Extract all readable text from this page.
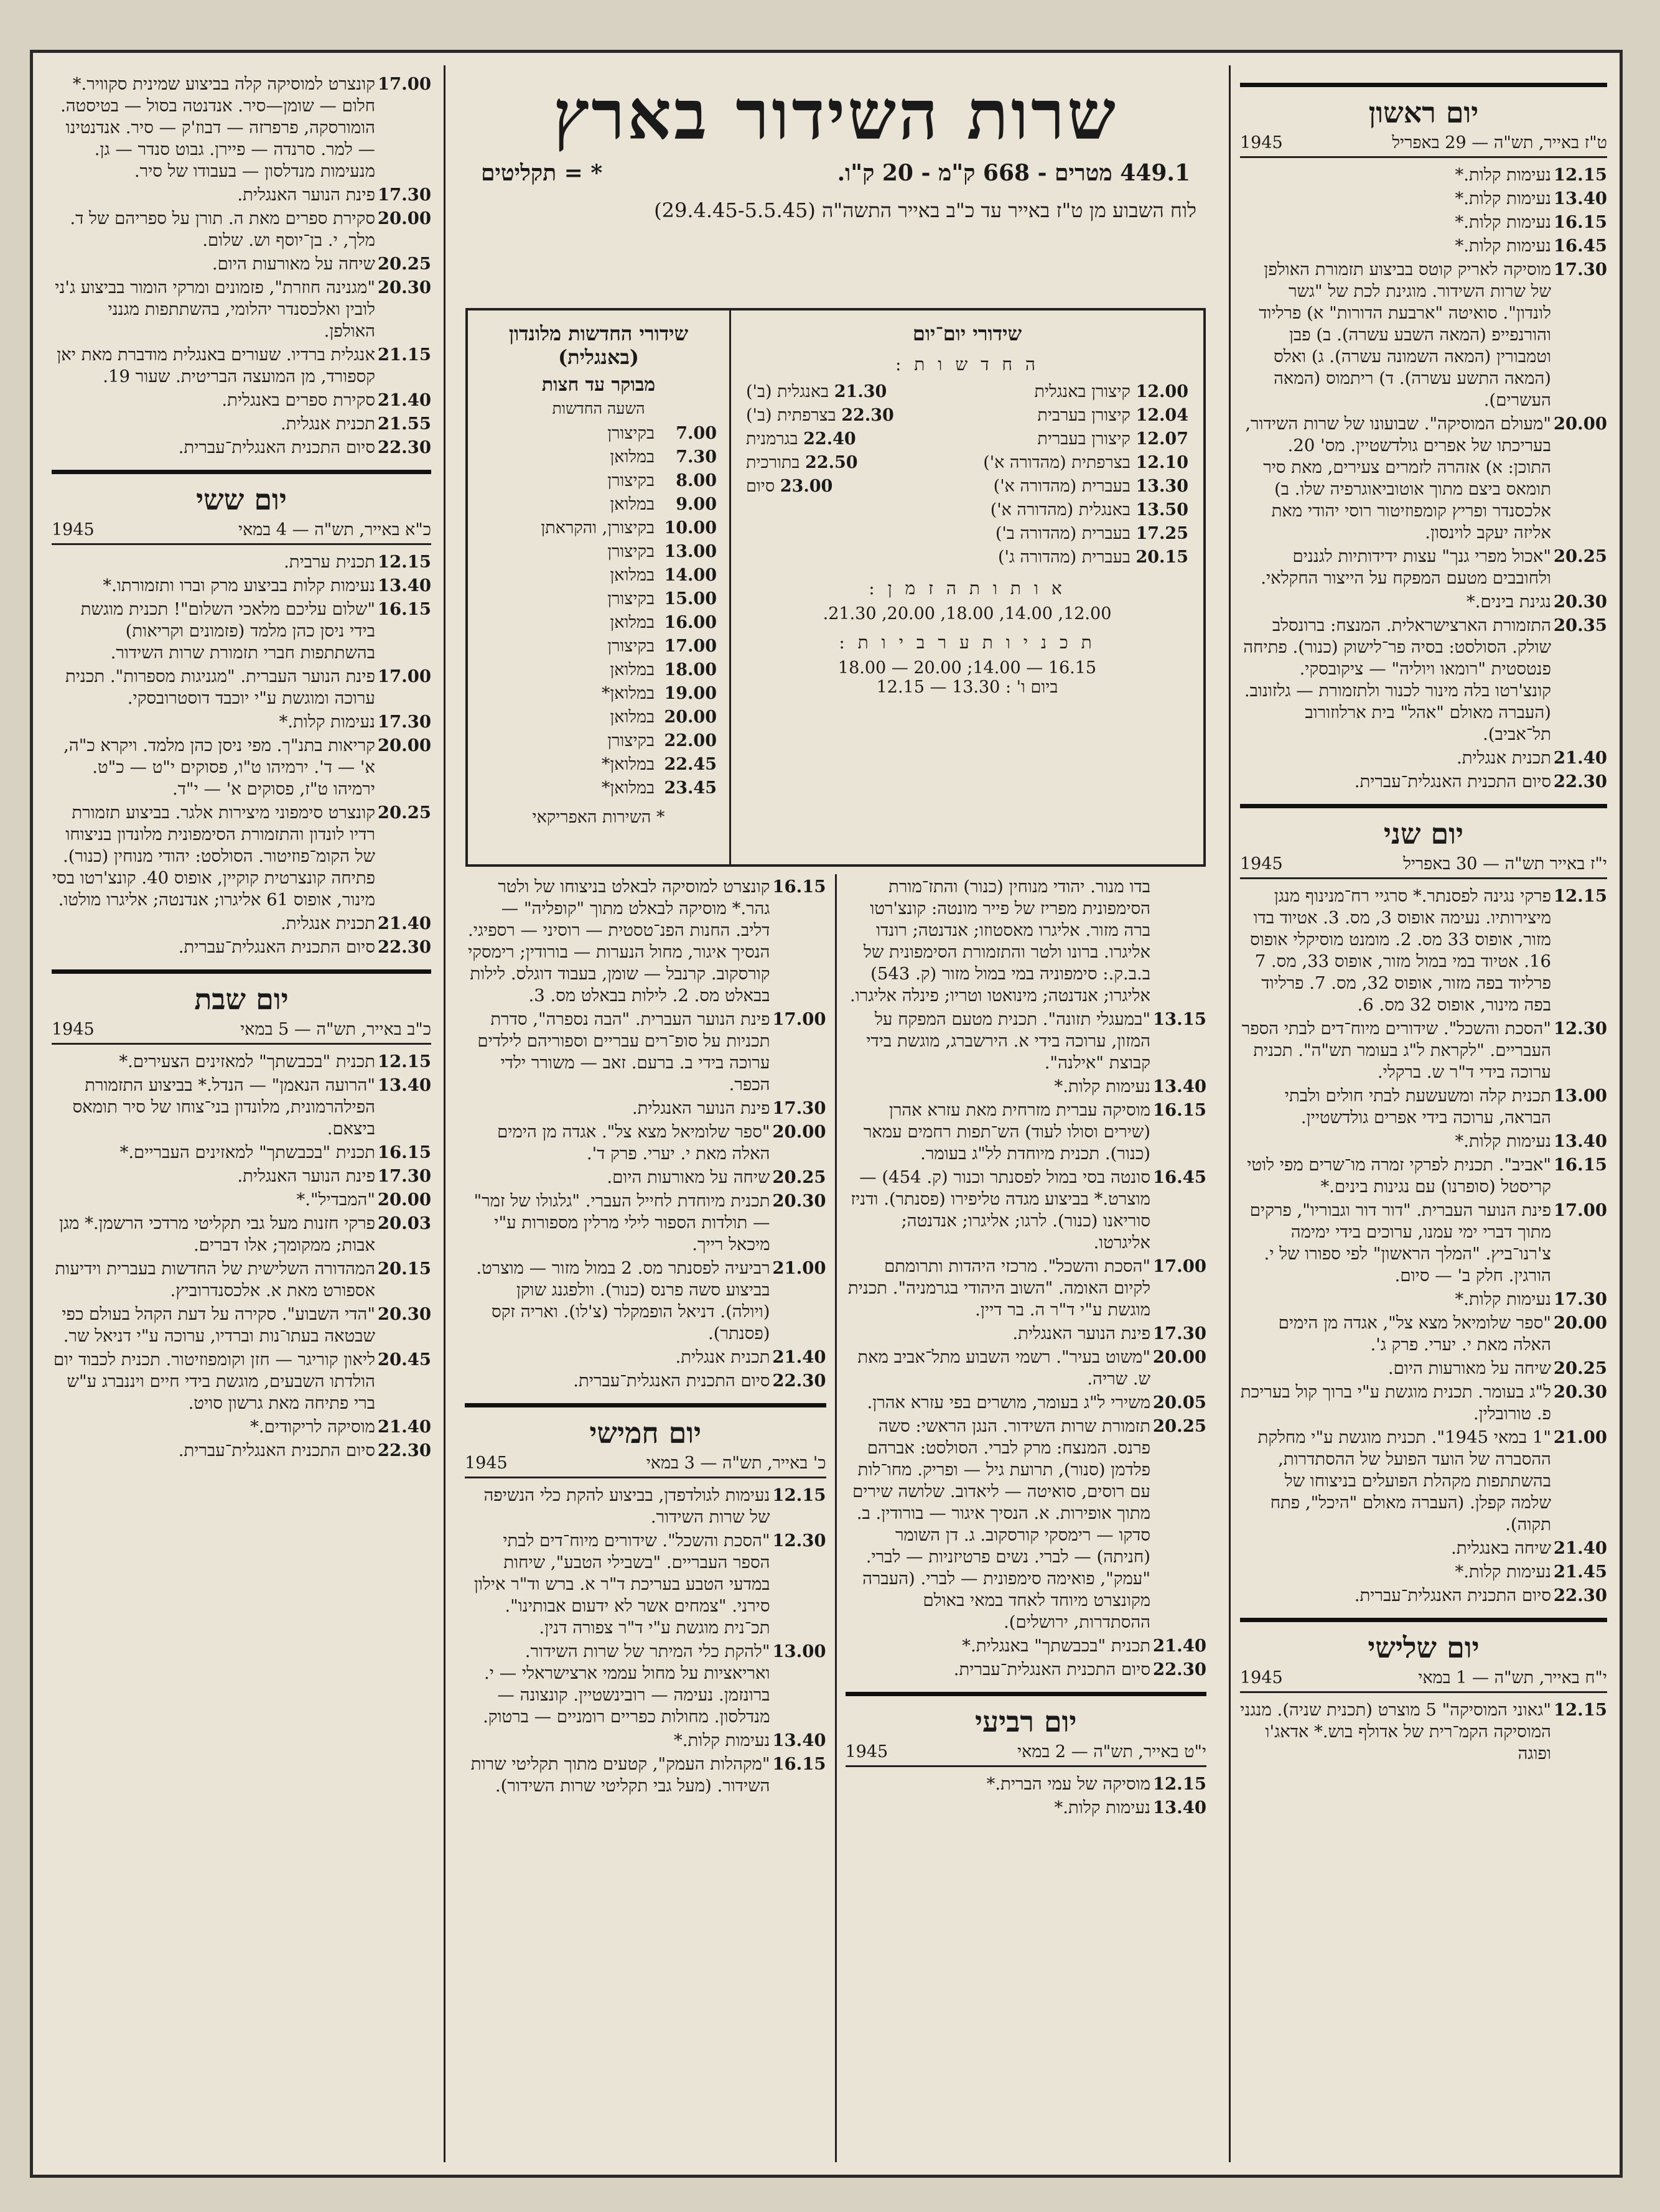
יום ראשון
ט"ז באייר, תש"ה — 29 באפריל
1945
12.15
נעימות קלות.*
13.40
נעימות קלות.*
16.15
נעימות קלות.*
16.45
נעימות קלות.*
17.30
מוסיקה לאריק קוטס בביצוע תזמורת האולפן של שרות השידור. מוגינת לכת של "גשר לונדון". סואיטה "ארבעת הדורות" א) פרליוד והורנפייפ (המאה השבע עשרה). ב) פבן וטמבורין (המאה השמונה עשרה). ג) ואלס (המאה התשע עשרה). ד) ריתמוס (המאה העשרים).
20.00
"מעולם המוסיקה". שבועונו של שרות השידור, בעריכתו של אפרים גולדשטיין. מס' 20. התוכן: א) אזהרה לזמרים צעירים, מאת סיר תומאס ביצם מתוך אוטוביאוגרפיה שלו. ב) אלכסנדר ופריץ קומפוזיטור רוסי יהודי מאת אליזה יעקב לוינסון.
20.25
"אכול מפרי גנך" עצות ידידותיות לגננים ולחובבים מטעם המפקח על הייצור החקלאי.
20.30
נגינת בינים.*
20.35
התזמורת הארצישראלית. המנצח: ברונסלב שולק. הסולסט: בסיה פר־לישוק (כנור). פתיחה פנטסטית "רומאו ויוליה" — ציקובסקי. קונצ'רטו בלה מינור לכנור ולתזמורת — גלזונוב. (העברה מאולם "אהל" בית ארלוזורוב תל־אביב).
21.40
תכנית אנגלית.
22.30
סיום התכנית האנגלית־עברית.
יום שני
י"ז באייר תש"ה — 30 באפריל
1945
12.15
פרקי נגינה לפסנתר.* סרגיי רח־מנינוף מנגן מיצירותיו. נעימה אופוס 3, מס. 3. אטיוד בדו מזור, אופוס 33 מס. 2. מומנט מוסיקלי אופוס 16. אטיוד במי במול מזור, אופוס 33, מס. 7 פרליוד בפה מזור, אופוס 32, מס. 7. פרליוד בפה מינור, אופוס 32 מס. 6.
12.30
"הסכת והשכל". שידורים מיוח־דים לבתי הספר העבריים. "לקראת ל"ג בעומר תש"ה". תכנית ערוכה בידי ד"ר ש. ברקלי.
13.00
תכנית קלה ומשעשעת לבתי חולים ולבתי הבראה, ערוכה בידי אפרים גולדשטיין.
13.40
נעימות קלות.*
16.15
"אביב". תכנית לפרקי זמרה מו־שרים מפי לוטי קריסטל (סופרנו) עם נגינות בינים.*
17.00
פינת הנוער העברית. "דור דור וגבוריו", פרקים מתוך דברי ימי עמנו, ערוכים בידי ימימה צ'רנו־ביץ. "המלך הראשון" לפי ספורו של י. הורגין. חלק ב' — סיום.
17.30
נעימות קלות.*
20.00
"ספר שלומיאל מצא צל", אגדה מן הימים האלה מאת י. יערי. פרק ג'.
20.25
שיחה על מאורעות היום.
20.30
ל"ג בעומר. תכנית מוגשת ע"י ברוך קול בעריכת פ. טורובלין.
21.00
"1 במאי 1945". תכנית מוגשת ע"י מחלקת ההסברה של הועד הפועל של ההסתדרות, בהשתתפות מקהלת הפועלים בניצוחו של שלמה קפלן. (העברה מאולם "היכל", פתח תקוה).
21.40
שיחה באנגלית.
21.45
נעימות קלות.*
22.30
סיום התכנית האנגלית־עברית.
יום שלישי
י"ח באייר, תש"ה — 1 במאי
1945
12.15
"גאוני המוסיקה" 5 מוצרט (תכנית שניה). מנגני המוסיקה הקמ־רית של אדולף בוש.* אדאג'ו ופוגה
שרות השידור בארץ
449.1 מטרים - 668 ק"מ - 20 ק"ו.
* = תקליטים
לוח השבוע מן ט"ז באייר עד כ"ב באייר התשה"ה (29.4.45-5.5.45)
שידורי יום־יום
ה ח ד ש ו ת :
12.00 קיצורן באנגלית
21.30 באנגלית (ב')
12.04 קיצורן בערבית
22.30 בצרפתית (ב')
12.07 קיצורן בעברית
22.40 בגרמנית
12.10 בצרפתית (מהדורה א')
22.50 בתורכית
13.30 בעברית (מהדורה א')
23.00 סיום
13.50 באנגלית (מהדורה א')
17.25 בעברית (מהדורה ב')
20.15 בעברית (מהדורה ג')
א ו ת ו ת ה ז מ ן :
12.00, 14.00, 18.00, 20.00, 21.30.
ת כ נ י ו ת ע ר ב י ו ת :
16.15 — 14.00; 20.00 — 18.00
ביום ו' : 13.30 — 12.15
שידורי החדשות מלונדון (באנגלית)
מבוקר עד חצות
השעה החדשות
7.00
בקיצורן
7.30
במלואן
8.00
בקיצורן
9.00
במלואן
10.00
בקיצורן, והקראתן
13.00
בקיצורן
14.00
במלואן
15.00
בקיצורן
16.00
במלואן
17.00
בקיצורן
18.00
במלואן
19.00
במלואן*
20.00
במלואן
22.00
בקיצורן
22.45
במלואן*
23.45
במלואן*
* השירות האפריקאי
בדו מנור. יהודי מנוחין (כנור) והתז־מורת הסימפונית מפריז של פייר מונטה: קונצ'רטו ברה מזור. אליגרו מאסטוזו; אנדנטה; רונדו אליגרו. ברונו ולטר והתזמורת הסימפונית של ב.ב.ק.: סימפוניה במי במול מזור (ק. 543) אליגרו; אנדנטה; מינואטו וטריו; פינלה אליגרו.
13.15
"במעגלי תזונה". תכנית מטעם המפקח על המזון, ערוכה בידי א. הירשברג, מוגשת בידי קבוצת "אילנה".
13.40
נעימות קלות.*
16.15
מוסיקה עברית מזרחית מאת עזרא אהרן (שירים וסולו לעוד) הש־תפות רחמים עמאר (כנור). תכנית מיוחדת לל"ג בעומר.
16.45
סונטה בסי במול לפסנתר וכנור (ק. 454) — מוצרט.* בביצוע מגדה טליפירו (פסנתר). ודניז סוריאנו (כנור). לרגו; אליגרו; אנדנטה; אליגרטו.
17.00
"הסכת והשכל". מרכזי היהדות ותרומתם לקיום האומה. "השוב היהודי בגרמניה". תכנית מוגשת ע"י ד"ר ה. בר דיין.
17.30
פינת הנוער האנגלית.
20.00
"משוט בעיר". רשמי השבוע מתל־אביב מאת ש. שריה.
20.05
משירי ל"ג בעומר, מושרים בפי עזרא אהרן.
20.25
תזמורת שרות השידור. הנגן הראשי: סשה פרנס. המנצח: מרק לברי. הסולסט: אברהם פלדמן (סנור), תרועת גיל — ופריק. מחו־לות עם רוסים, סואיטה — ליאדוב. שלושה שירים מתוך אופירות. א. הנסיך איגור — בורודין. ב. סדקו — רימסקי קורסקוב. ג. דן השומר (חניתה) — לברי. נשים פרטיזניות — לברי. "עמק", פואימה סימפונית — לברי. (העברה מקונצרט מיוחד לאחד במאי באולם ההסתדרות, ירושלים).
21.40
תכנית "בכבשתך" באנגלית.*
22.30
סיום התכנית האנגלית־עברית.
יום רביעי
י"ט באייר, תש"ה — 2 במאי
1945
12.15
מוסיקה של עמי הברית.*
13.40
נעימות קלות.*
16.15
קונצרט למוסיקה לבאלט בניצוחו של ולטר גהר.* מוסיקה לבאלט מתוך "קופליה" — דליב. החנות הפנ־טסטית — רוסיני — רספיגי. הנסיך איגור, מחול הנערות — בורודין; רימסקי קורסקוב. קרנבל — שומן, בעבוד דוגלס. לילות בבאלט מס. 2. לילות בבאלט מס. 3.
17.00
פינת הנוער העברית. "הבה נספרה", סדרת תכניות על סופ־רים עבריים וספוריהם לילדים ערוכה בידי ב. ברעם. זאב — משורר ילדי הכפר.
17.30
פינת הנוער האנגלית.
20.00
"ספר שלומיאל מצא צל". אגדה מן הימים האלה מאת י. יערי. פרק ד'.
20.25
שיחה על מאורעות היום.
20.30
תכנית מיוחדת לחייל העברי. "גלגולו של זמר" — תולדות הספור לילי מרלין מספורות ע"י מיכאל רייך.
21.00
רביעיה לפסנתר מס. 2 במול מזור — מוצרט. בביצוע סשה פרנס (כנור). וולפגנג שוקן (ויולה). דניאל הופמקלר (צ'לו). ואריה זקס (פסנתר).
21.40
תכנית אנגלית.
22.30
סיום התכנית האנגלית־עברית.
יום חמישי
כ' באייר, תש"ה — 3 במאי
1945
12.15
נעימות לגולדפדן, בביצוע להקת כלי הנשיפה של שרות השידור.
12.30
"הסכת והשכל". שידורים מיוח־דים לבתי הספר העבריים. "בשבילי הטבע", שיחות במדעי הטבע בעריכת ד"ר א. ברש וד"ר אילון סירני. "צמחים אשר לא ידעום אבותינו". תכ־נית מוגשת ע"י ד"ר צפורה דנין.
13.00
"להקת כלי המיתר של שרות השידור. ואריאציות על מחול עממי ארצישראלי — י. ברונזמן. נעימה — רובינשטיין. קונצונה — מנדלסון. מחולות כפריים רומניים — ברטוק.
13.40
נעימות קלות.*
16.15
"מקהלות העמק", קטעים מתוך תקליטי שרות השידור. (מעל גבי תקליטי שרות השידור).
17.00
קונצרט למוסיקה קלה בביצוע שמינית סקוויר.* חלום — שומן—סיר. אנדנטה בסול — בטיסטה. הומורסקה, פרפרזה — דבוז'ק — סיר. אנדנטינו — למר. סרנדה — פיירן. גבוט סנדר — גן. מנעימות מנדלסון — בעבודו של סיר.
17.30
פינת הנוער האנגלית.
20.00
סקירת ספרים מאת ה. תורן על ספריהם של ד. מלך, י. בן־יוסף וש. שלום.
20.25
שיחה על מאורעות היום.
20.30
"מגנינה חוזרת", פזמונים ומרקי הומור בביצוע ג'ני לובין ואלכסנדר יהלומי, בהשתתפות מגנני האולפן.
21.15
אנגלית ברדיו. שעורים באנגלית מודברת מאת יאן קספורד, מן המועצה הבריטית. שעור 19.
21.40
סקירת ספרים באנגלית.
21.55
תכנית אנגלית.
22.30
סיום התכנית האנגלית־עברית.
יום ששי
כ"א באייר, תש"ה — 4 במאי
1945
12.15
תכנית ערבית.
13.40
נעימות קלות בביצוע מרק וברו ותזמורתו.*
16.15
"שלום עליכם מלאכי השלום"! תכנית מוגשת בידי ניסן כהן מלמד (פזמונים וקריאות) בהשתתפות חברי תזמורת שרות השידור.
17.00
פינת הנוער העברית. "מגניגות מספרות". תכנית ערוכה ומוגשת ע"י יוכבד דוסטרובסקי.
17.30
נעימות קלות.*
20.00
קריאות בתנ"ך. מפי ניסן כהן מלמד. ויקרא כ"ה, א' — ד'. ירמיהו ט"ו, פסוקים י"ט — כ"ט. ירמיהו ט"ז, פסוקים א' — י"ד.
20.25
קונצרט סימפוני מיצירות אלגר. בביצוע תזמורת רדיו לונדון והתזמורת הסימפונית מלונדון בניצוחו של הקומ־פוזיטור. הסולסט: יהודי מנוחין (כנור). פתיחה קונצרטית קוקיין, אופוס 40. קונצ'רטו בסי מינור, אופוס 61 אליגרו; אנדנטה; אליגרו מולטו.
21.40
תכנית אנגלית.
22.30
סיום התכנית האנגלית־עברית.
יום שבת
כ"ב באייר, תש"ה — 5 במאי
1945
12.15
תכנית "בכבשתך" למאזינים הצעירים.*
13.40
"הרועה הנאמן" — הנדל.* בביצוע התזמורת הפילהרמונית, מלונדון בני־צוחו של סיר תומאס ביצאם.
16.15
תכנית "בכבשתך" למאזינים העבריים.*
17.30
פינת הנוער האנגלית.
20.00
"המבדיל".*
20.03
פרקי חזנות מעל גבי תקליטי מרדכי הרשמן.* מגן אבות; ממקומך; אלו דברים.
20.15
המהדורה השלישית של החדשות בעברית וידיעות אספורט מאת א. אלכסנדרוביץ.
20.30
"הדי השבוע". סקירה על דעת הקהל בעולם כפי שבטאה בעתו־נות וברדיו, ערוכה ע"י דניאל שר.
20.45
ליאון קוריגר — חזן וקומפוזיטור. תכנית לכבוד יום הולדתו השבעים, מוגשת בידי חיים ויננברג ע"ש ברי פתיחה מאת גרשון סויט.
21.40
מוסיקה לריקודים.*
22.30
סיום התכנית האנגלית־עברית.
